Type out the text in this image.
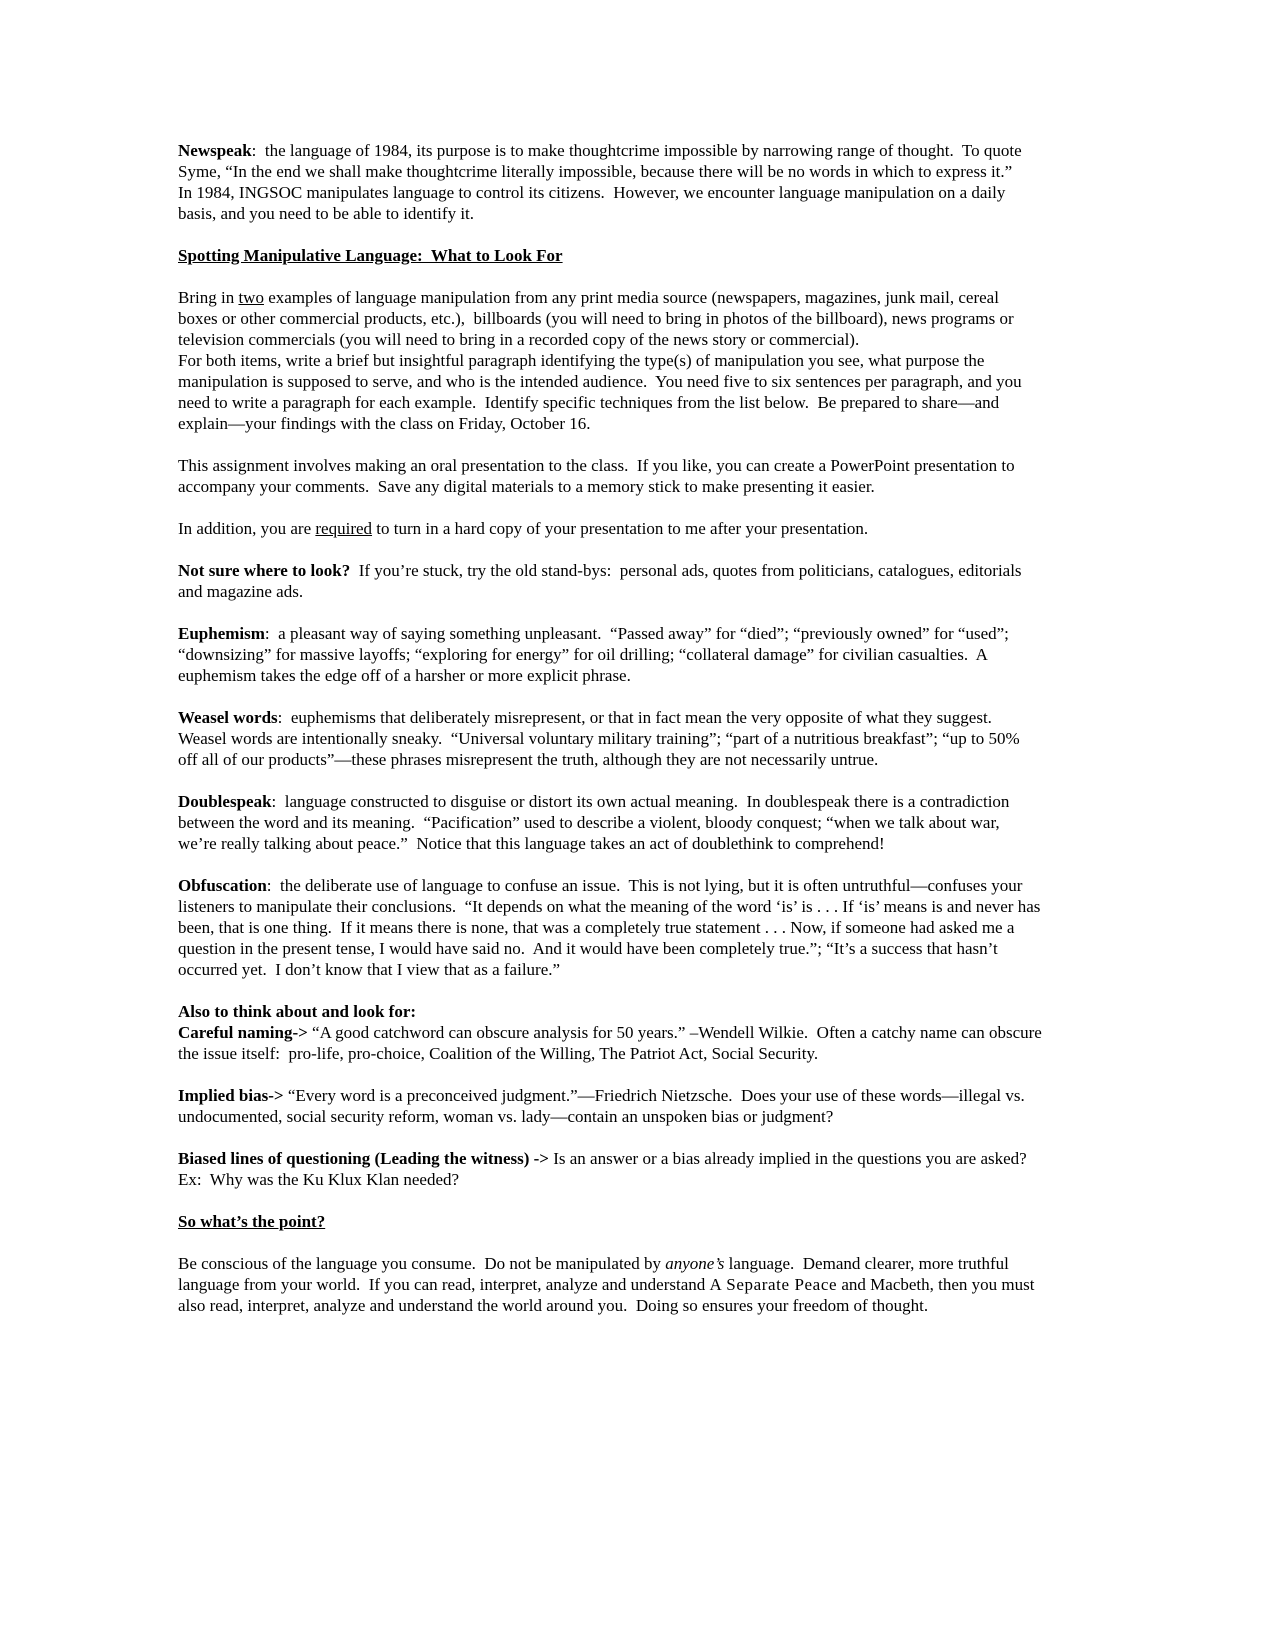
Newspeak:  the language of 1984, its purpose is to make thoughtcrime impossible by narrowing range of thought.  To quote Syme, “In the end we shall make thoughtcrime literally impossible, because there will be no words in which to express it.”
In 1984, INGSOC manipulates language to control its citizens.  However, we encounter language manipulation on a daily basis, and you need to be able to identify it.

Spotting Manipulative Language:  What to Look For

Bring in two examples of language manipulation from any print media source (newspapers, magazines, junk mail, cereal boxes or other commercial products, etc.),  billboards (you will need to bring in photos of the billboard), news programs or television commercials (you will need to bring in a recorded copy of the news story or commercial).
For both items, write a brief but insightful paragraph identifying the type(s) of manipulation you see, what purpose the manipulation is supposed to serve, and who is the intended audience.  You need five to six sentences per paragraph, and you need to write a paragraph for each example.  Identify specific techniques from the list below.  Be prepared to share—and explain—your findings with the class on Friday, October 16.

This assignment involves making an oral presentation to the class.  If you like, you can create a PowerPoint presentation to accompany your comments.  Save any digital materials to a memory stick to make presenting it easier.

In addition, you are required to turn in a hard copy of your presentation to me after your presentation.

Not sure where to look?  If you’re stuck, try the old stand-bys:  personal ads, quotes from politicians, catalogues, editorials and magazine ads.

Euphemism:  a pleasant way of saying something unpleasant.  “Passed away” for “died”; “previously owned” for “used”; “downsizing” for massive layoffs; “exploring for energy” for oil drilling; “collateral damage” for civilian casualties.  A euphemism takes the edge off of a harsher or more explicit phrase.

Weasel words:  euphemisms that deliberately misrepresent, or that in fact mean the very opposite of what they suggest.  Weasel words are intentionally sneaky.  “Universal voluntary military training”; “part of a nutritious breakfast”; “up to 50% off all of our products”—these phrases misrepresent the truth, although they are not necessarily untrue.

Doublespeak:  language constructed to disguise or distort its own actual meaning.  In doublespeak there is a contradiction between the word and its meaning.  “Pacification” used to describe a violent, bloody conquest; “when we talk about war, we’re really talking about peace.”  Notice that this language takes an act of doublethink to comprehend!

Obfuscation:  the deliberate use of language to confuse an issue.  This is not lying, but it is often untruthful—confuses your listeners to manipulate their conclusions.  “It depends on what the meaning of the word ‘is’ is . . . If ‘is’ means is and never has been, that is one thing.  If it means there is none, that was a completely true statement . . . Now, if someone had asked me a question in the present tense, I would have said no.  And it would have been completely true.”; “It’s a success that hasn’t occurred yet.  I don’t know that I view that as a failure.”

Also to think about and look for:
Careful naming-> “A good catchword can obscure analysis for 50 years.” –Wendell Wilkie.  Often a catchy name can obscure the issue itself:  pro-life, pro-choice, Coalition of the Willing, The Patriot Act, Social Security.

Implied bias-> “Every word is a preconceived judgment.”—Friedrich Nietzsche.  Does your use of these words—illegal vs. undocumented, social security reform, woman vs. lady—contain an unspoken bias or judgment?

Biased lines of questioning (Leading the witness) -> Is an answer or a bias already implied in the questions you are asked?  Ex:  Why was the Ku Klux Klan needed?

So what’s the point?

Be conscious of the language you consume.  Do not be manipulated by anyone’s language.  Demand clearer, more truthful language from your world.  If you can read, interpret, analyze and understand A Separate Peace and Macbeth, then you must also read, interpret, analyze and understand the world around you.  Doing so ensures your freedom of thought.
